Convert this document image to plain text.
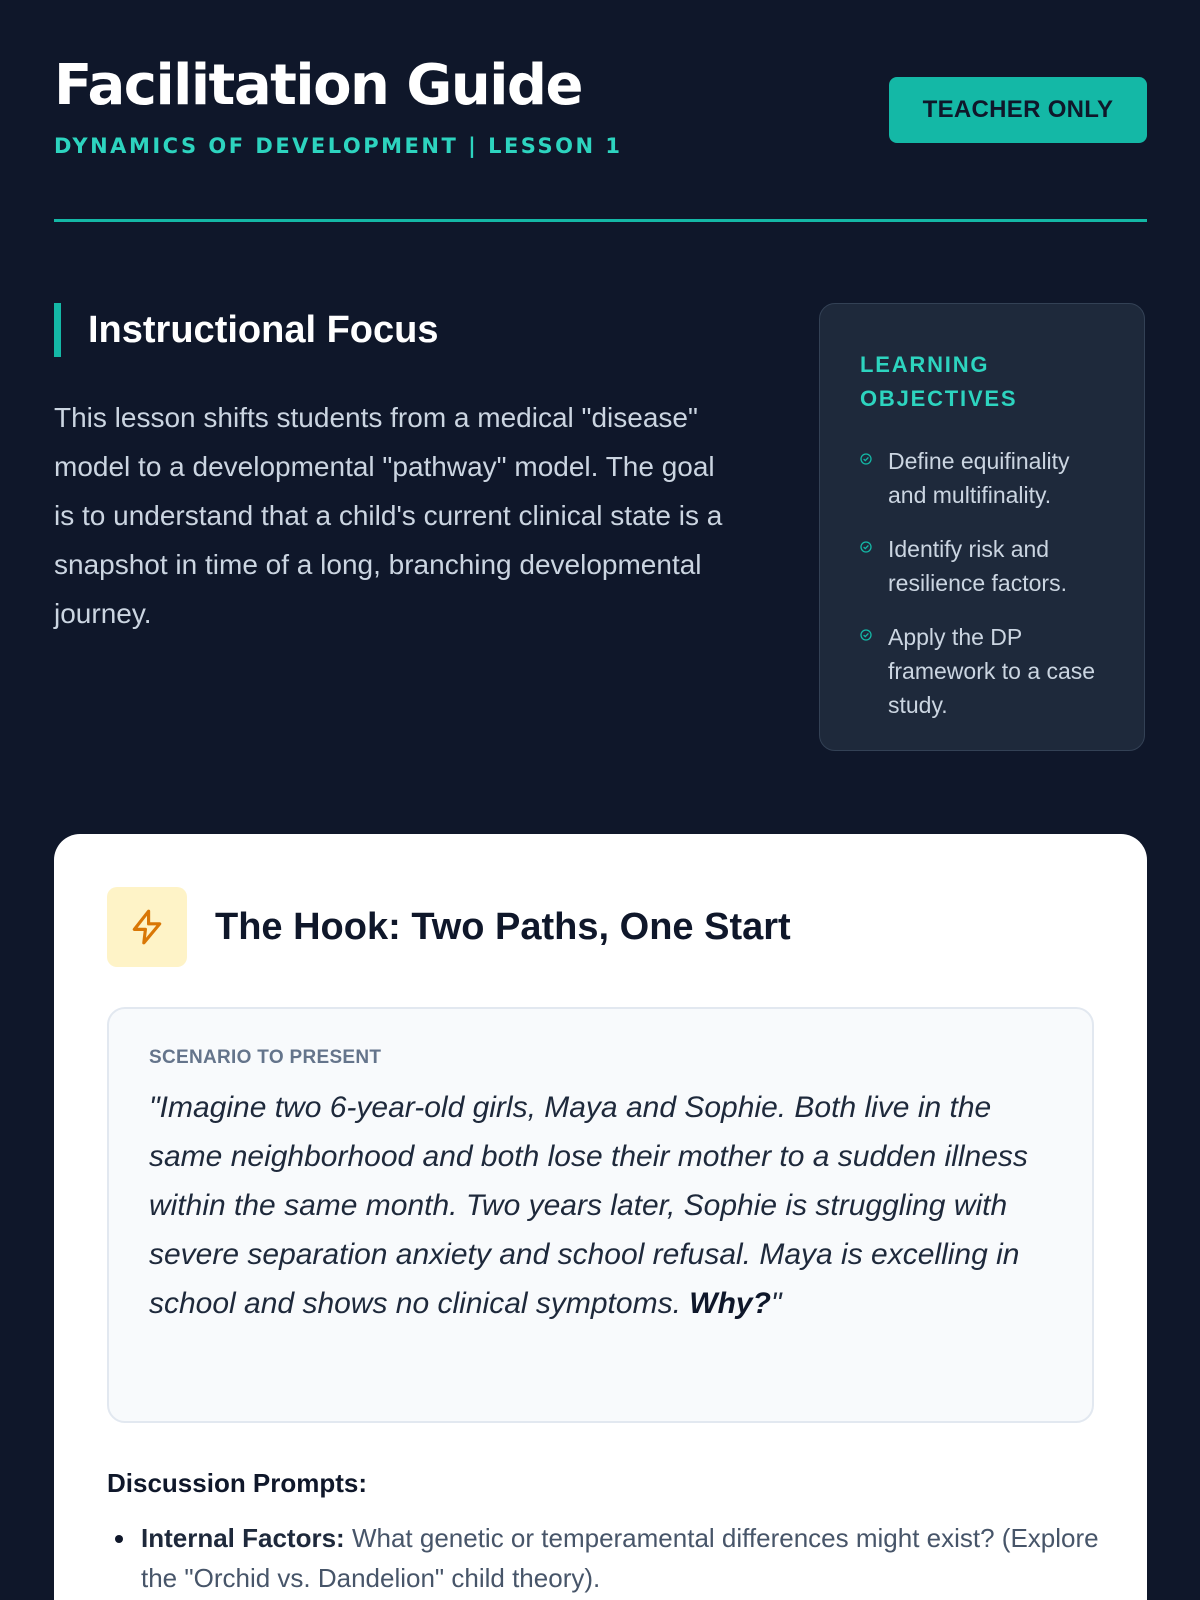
Facilitation Guide
DYNAMICS OF DEVELOPMENT | LESSON 1
TEACHER ONLY
Instructional Focus

This lesson shifts students from a medical "disease" model to a developmental "pathway" model. The goal is to understand that a child's current clinical state is a snapshot in time of a long, branching developmental journey.

LEARNING OBJECTIVES
Define equifinality and multifinality.
Identify risk and resilience factors.
Apply the DP framework to a case study.
The Hook: Two Paths, One Start
SCENARIO TO PRESENT
"Imagine two 6-year-old girls, Maya and Sophie. Both live in the same neighborhood and both lose their mother to a sudden illness within the same month. Two years later, Sophie is struggling with severe separation anxiety and school refusal. Maya is excelling in school and shows no clinical symptoms. Why?"
Discussion Prompts:
Internal Factors: What genetic or temperamental differences might exist? (Explore the "Orchid vs. Dandelion" child theory).
